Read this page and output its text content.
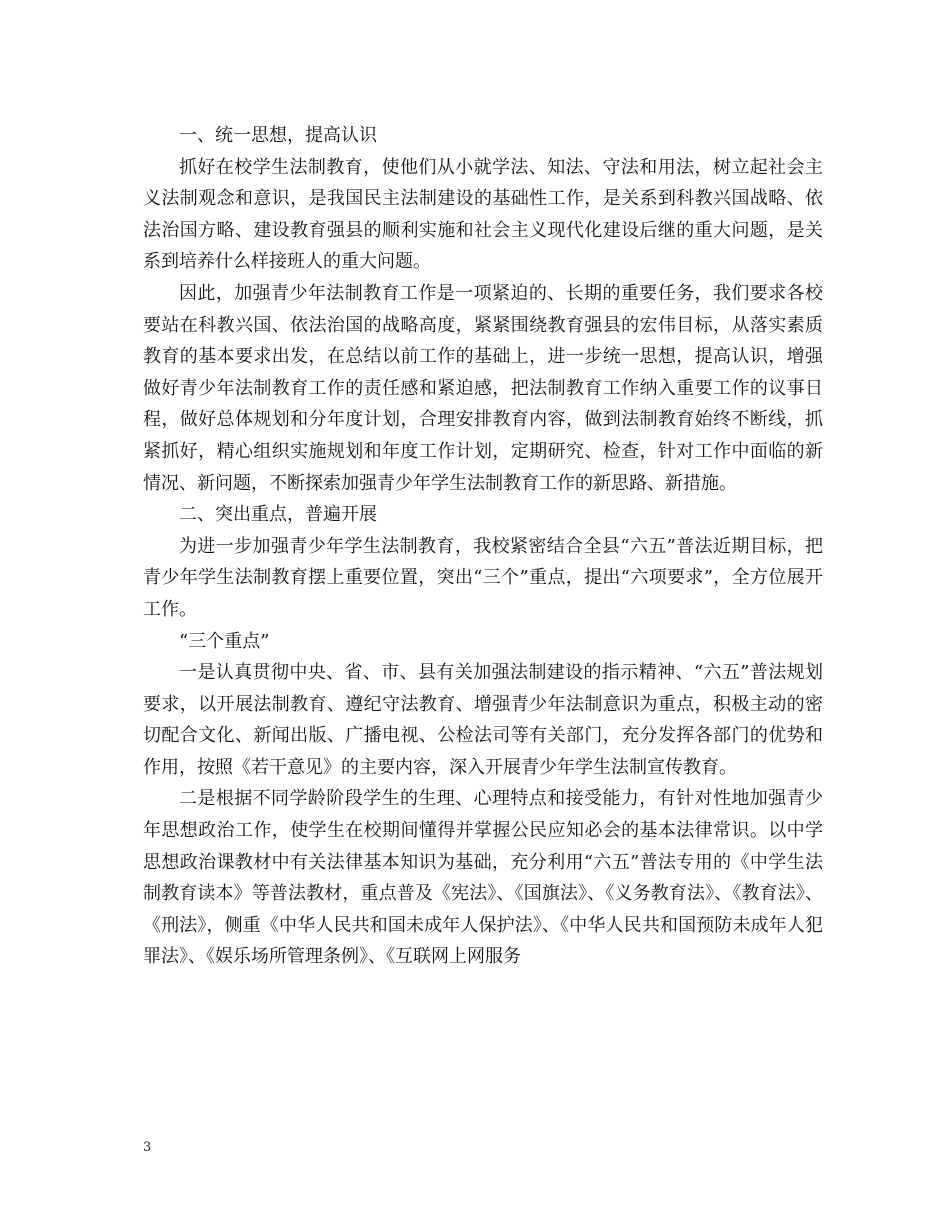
一、统一思想，提高认识

抓好在校学生法制教育，使他们从小就学法、知法、守法和用法，树立起社会主义法制观念和意识，是我国民主法制建设的基础性工作，是关系到科教兴国战略、依法治国方略、建设教育强县的顺利实施和社会主义现代化建设后继的重大问题，是关系到培养什么样接班人的重大问题。

因此，加强青少年法制教育工作是一项紧迫的、长期的重要任务，我们要求各校要站在科教兴国、依法治国的战略高度，紧紧围绕教育强县的宏伟目标，从落实素质教育的基本要求出发，在总结以前工作的基础上，进一步统一思想，提高认识，增强做好青少年法制教育工作的责任感和紧迫感，把法制教育工作纳入重要工作的议事日程，做好总体规划和分年度计划，合理安排教育内容，做到法制教育始终不断线，抓紧抓好，精心组织实施规划和年度工作计划，定期研究、检查，针对工作中面临的新情况、新问题，不断探索加强青少年学生法制教育工作的新思路、新措施。

二、突出重点，普遍开展

为进一步加强青少年学生法制教育，我校紧密结合全县“六五”普法近期目标，把青少年学生法制教育摆上重要位置，突出“三个”重点，提出“六项要求”，全方位展开工作。

“三个重点”

一是认真贯彻中央、省、市、县有关加强法制建设的指示精神、“六五”普法规划要求，以开展法制教育、遵纪守法教育、增强青少年法制意识为重点，积极主动的密切配合文化、新闻出版、广播电视、公检法司等有关部门，充分发挥各部门的优势和作用，按照《若干意见》的主要内容，深入开展青少年学生法制宣传教育。

二是根据不同学龄阶段学生的生理、心理特点和接受能力，有针对性地加强青少年思想政治工作，使学生在校期间懂得并掌握公民应知必会的基本法律常识。以中学思想政治课教材中有关法律基本知识为基础，充分利用“六五”普法专用的《中学生法制教育读本》等普法教材，重点普及《宪法》、《国旗法》、《义务教育法》、《教育法》、《刑法》，侧重《中华人民共和国未成年人保护法》、《中华人民共和国预防未成年人犯罪法》、《娱乐场所管理条例》、《互联网上网服务

3
